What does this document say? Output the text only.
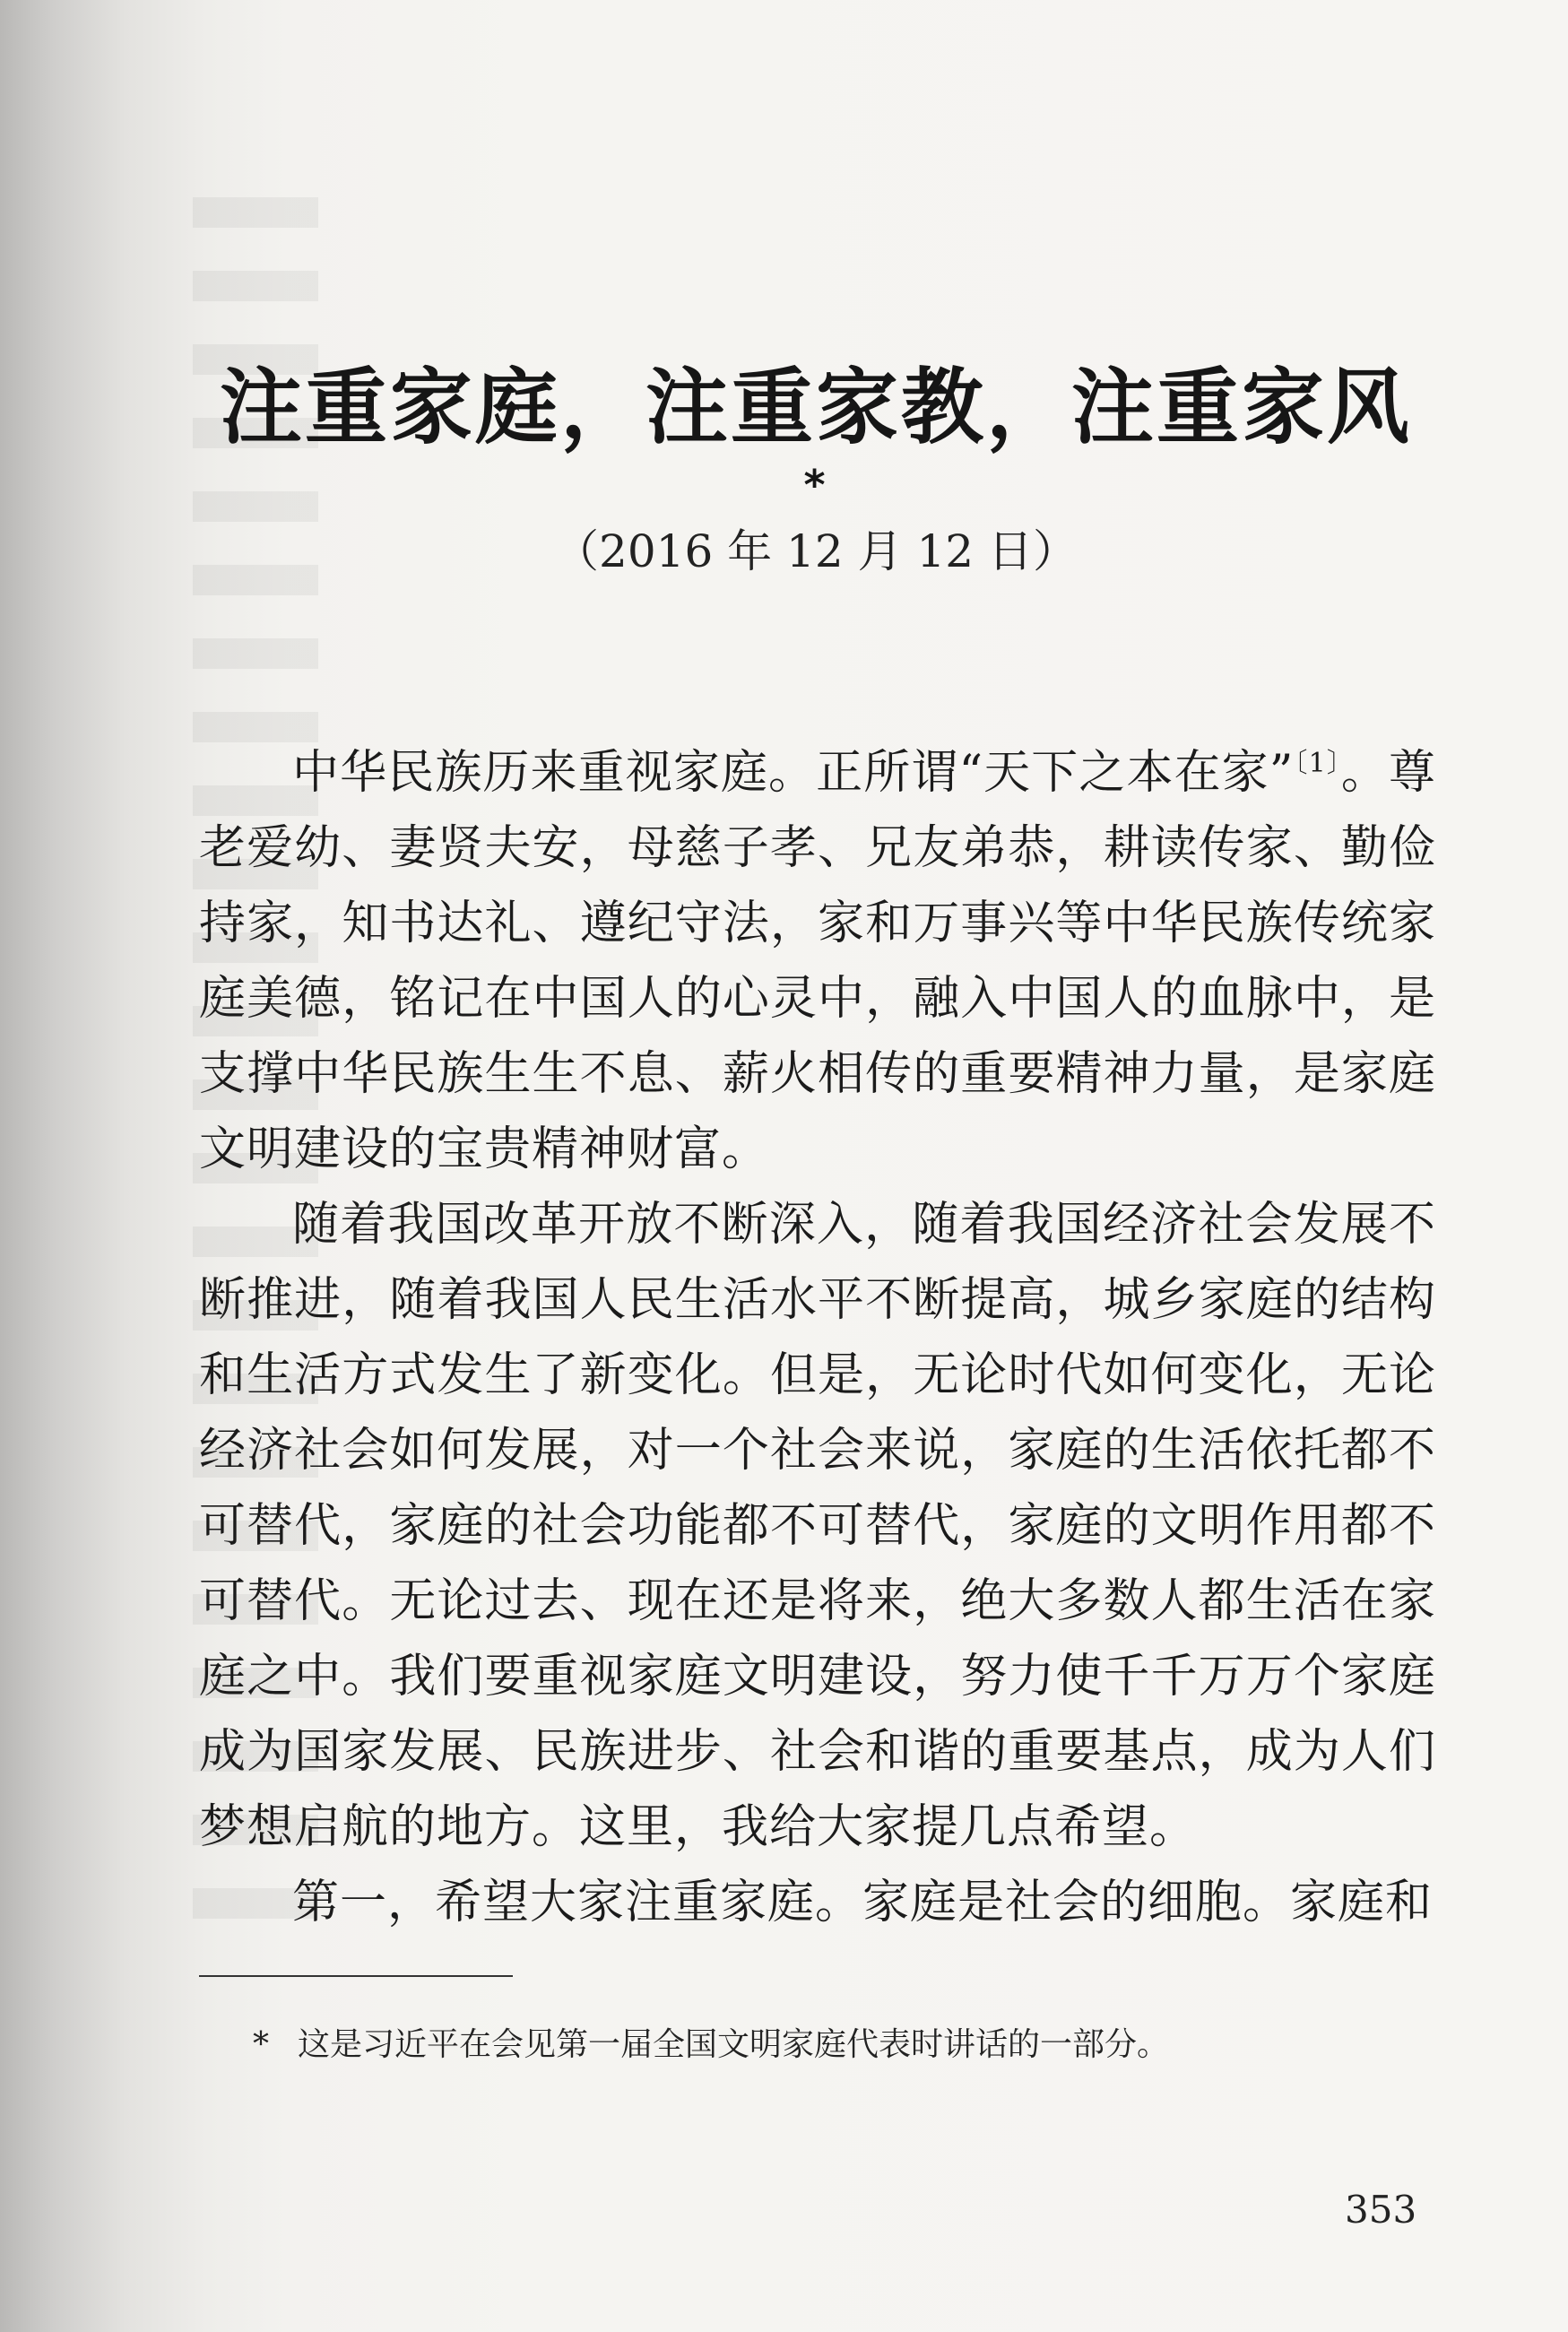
注重家庭，注重家教，注重家风*
（2016 年 12 月 12 日）

中华民族历来重视家庭。正所谓“天下之本在家”$^{〔1〕}$。尊老爱幼、妻贤夫安，母慈子孝、兄友弟恭，耕读传家、勤俭持家，知书达礼、遵纪守法，家和万事兴等中华民族传统家庭美德，铭记在中国人的心灵中，融入中国人的血脉中，是支撑中华民族生生不息、薪火相传的重要精神力量，是家庭文明建设的宝贵精神财富。

随着我国改革开放不断深入，随着我国经济社会发展不断推进，随着我国人民生活水平不断提高，城乡家庭的结构和生活方式发生了新变化。但是，无论时代如何变化，无论经济社会如何发展，对一个社会来说，家庭的生活依托都不可替代，家庭的社会功能都不可替代，家庭的文明作用都不可替代。无论过去、现在还是将来，绝大多数人都生活在家庭之中。我们要重视家庭文明建设，努力使千千万万个家庭成为国家发展、民族进步、社会和谐的重要基点，成为人们梦想启航的地方。这里，我给大家提几点希望。

第一，希望大家注重家庭。家庭是社会的细胞。家庭和

* 这是习近平在会见第一届全国文明家庭代表时讲话的一部分。
353
